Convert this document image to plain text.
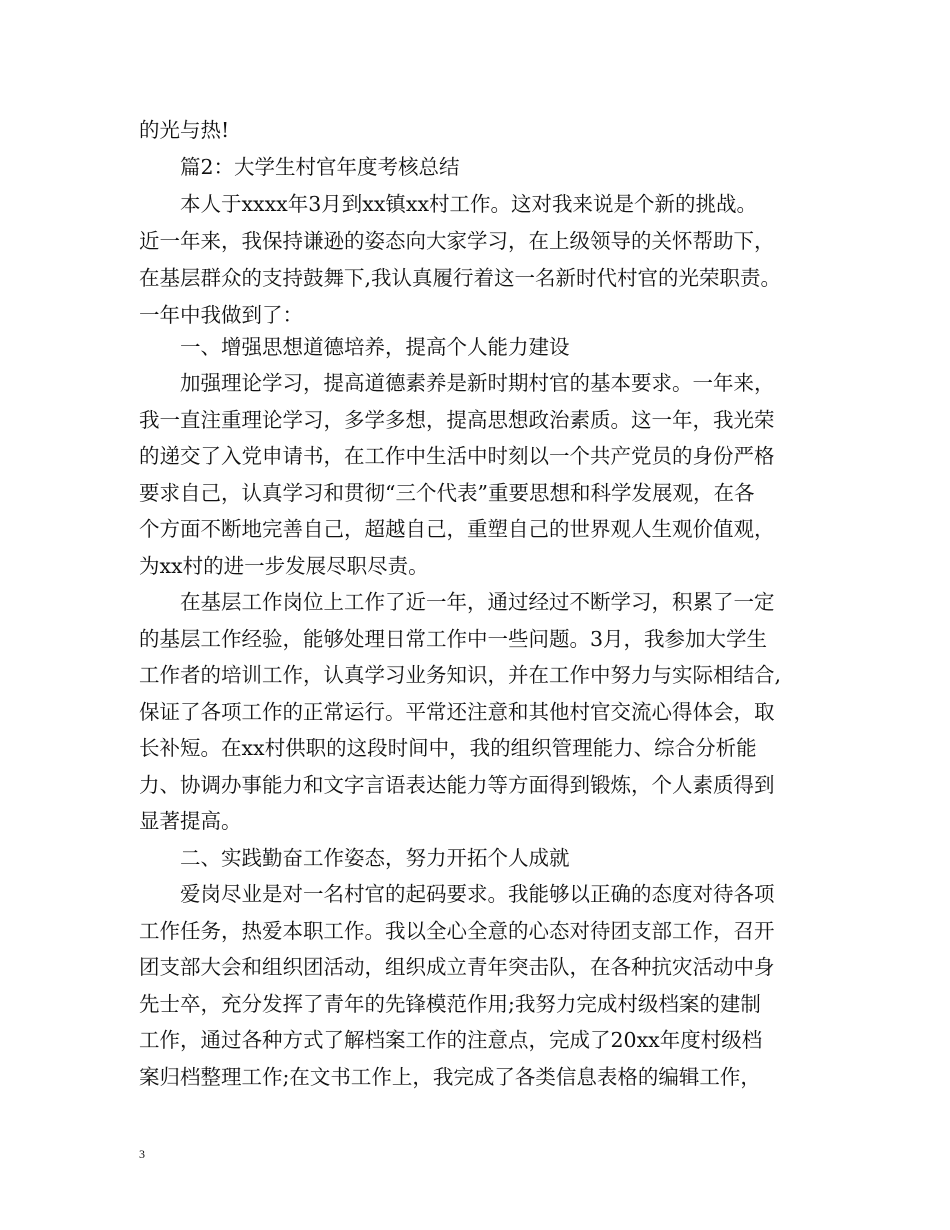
的光与热!
篇2：大学生村官年度考核总结
本人于xxxx年3月到xx镇xx村工作。这对我来说是个新的挑战。
近一年来，我保持谦逊的姿态向大家学习，在上级领导的关怀帮助下，
在基层群众的支持鼓舞下,我认真履行着这一名新时代村官的光荣职责。
一年中我做到了：
一、增强思想道德培养，提高个人能力建设
加强理论学习，提高道德素养是新时期村官的基本要求。一年来，
我一直注重理论学习，多学多想，提高思想政治素质。这一年，我光荣
的递交了入党申请书，在工作中生活中时刻以一个共产党员的身份严格
要求自己，认真学习和贯彻“三个代表”重要思想和科学发展观，在各
个方面不断地完善自己，超越自己，重塑自己的世界观人生观价值观，
为xx村的进一步发展尽职尽责。
在基层工作岗位上工作了近一年，通过经过不断学习，积累了一定
的基层工作经验，能够处理日常工作中一些问题。3月，我参加大学生
工作者的培训工作，认真学习业务知识，并在工作中努力与实际相结合,
保证了各项工作的正常运行。平常还注意和其他村官交流心得体会，取
长补短。在xx村供职的这段时间中，我的组织管理能力、综合分析能
力、协调办事能力和文字言语表达能力等方面得到锻炼，个人素质得到
显著提高。
二、实践勤奋工作姿态，努力开拓个人成就
爱岗尽业是对一名村官的起码要求。我能够以正确的态度对待各项
工作任务，热爱本职工作。我以全心全意的心态对待团支部工作，召开
团支部大会和组织团活动，组织成立青年突击队，在各种抗灾活动中身
先士卒，充分发挥了青年的先锋模范作用;我努力完成村级档案的建制
工作，通过各种方式了解档案工作的注意点，完成了20xx年度村级档
案归档整理工作;在文书工作上，我完成了各类信息表格的编辑工作，
3
